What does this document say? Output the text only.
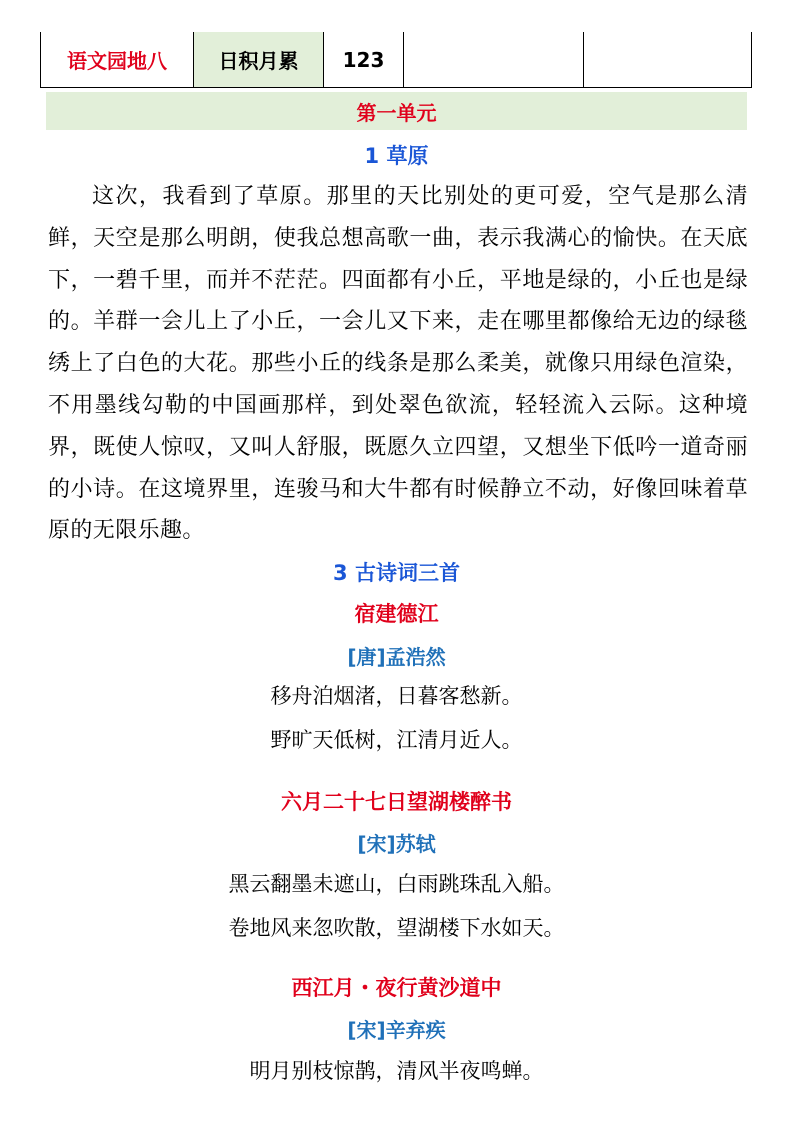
语文园地八	日积月累	123
第一单元
1 草原

这次，我看到了草原。那里的天比别处的更可爱，空气是那么清鲜，天空是那么明朗，使我总想高歌一曲，表示我满心的愉快。在天底下，一碧千里，而并不茫茫。四面都有小丘，平地是绿的，小丘也是绿的。羊群一会儿上了小丘，一会儿又下来，走在哪里都像给无边的绿毯绣上了白色的大花。那些小丘的线条是那么柔美，就像只用绿色渲染，不用墨线勾勒的中国画那样，到处翠色欲流，轻轻流入云际。这种境界，既使人惊叹，又叫人舒服，既愿久立四望，又想坐下低吟一道奇丽的小诗。在这境界里，连骏马和大牛都有时候静立不动，好像回味着草原的无限乐趣。

3 古诗词三首
宿建德江
[唐]孟浩然
移舟泊烟渚，日暮客愁新。
野旷天低树，江清月近人。
六月二十七日望湖楼醉书
[宋]苏轼
黑云翻墨未遮山，白雨跳珠乱入船。
卷地风来忽吹散，望湖楼下水如天。
西江月・夜行黄沙道中
[宋]辛弃疾
明月别枝惊鹊，清风半夜鸣蝉。
